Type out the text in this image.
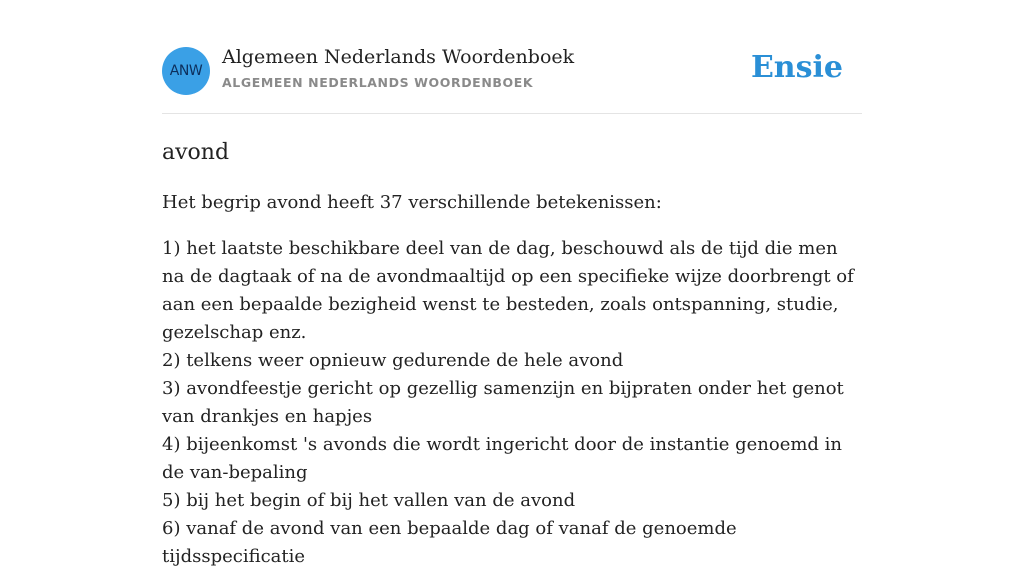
ANW
Algemeen Nederlands Woordenboek
ALGEMEEN NEDERLANDS WOORDENBOEK	Ensie
avond

Het begrip avond heeft 37 verschillende betekenissen:

1) het laatste beschikbare deel van de dag, beschouwd als de tijd die men na de dagtaak of na de avondmaaltijd op een specifieke wijze doorbrengt of aan een bepaalde bezigheid wenst te besteden, zoals ontspanning, studie, gezelschap enz.
2) telkens weer opnieuw gedurende de hele avond
3) avondfeestje gericht op gezellig samenzijn en bijpraten onder het genot van drankjes en hapjes
4) bijeenkomst 's avonds die wordt ingericht door de instantie genoemd in de van-bepaling
5) bij het begin of bij het vallen van de avond
6) vanaf de avond van een bepaalde dag of vanaf de genoemde tijdsspecificatie
